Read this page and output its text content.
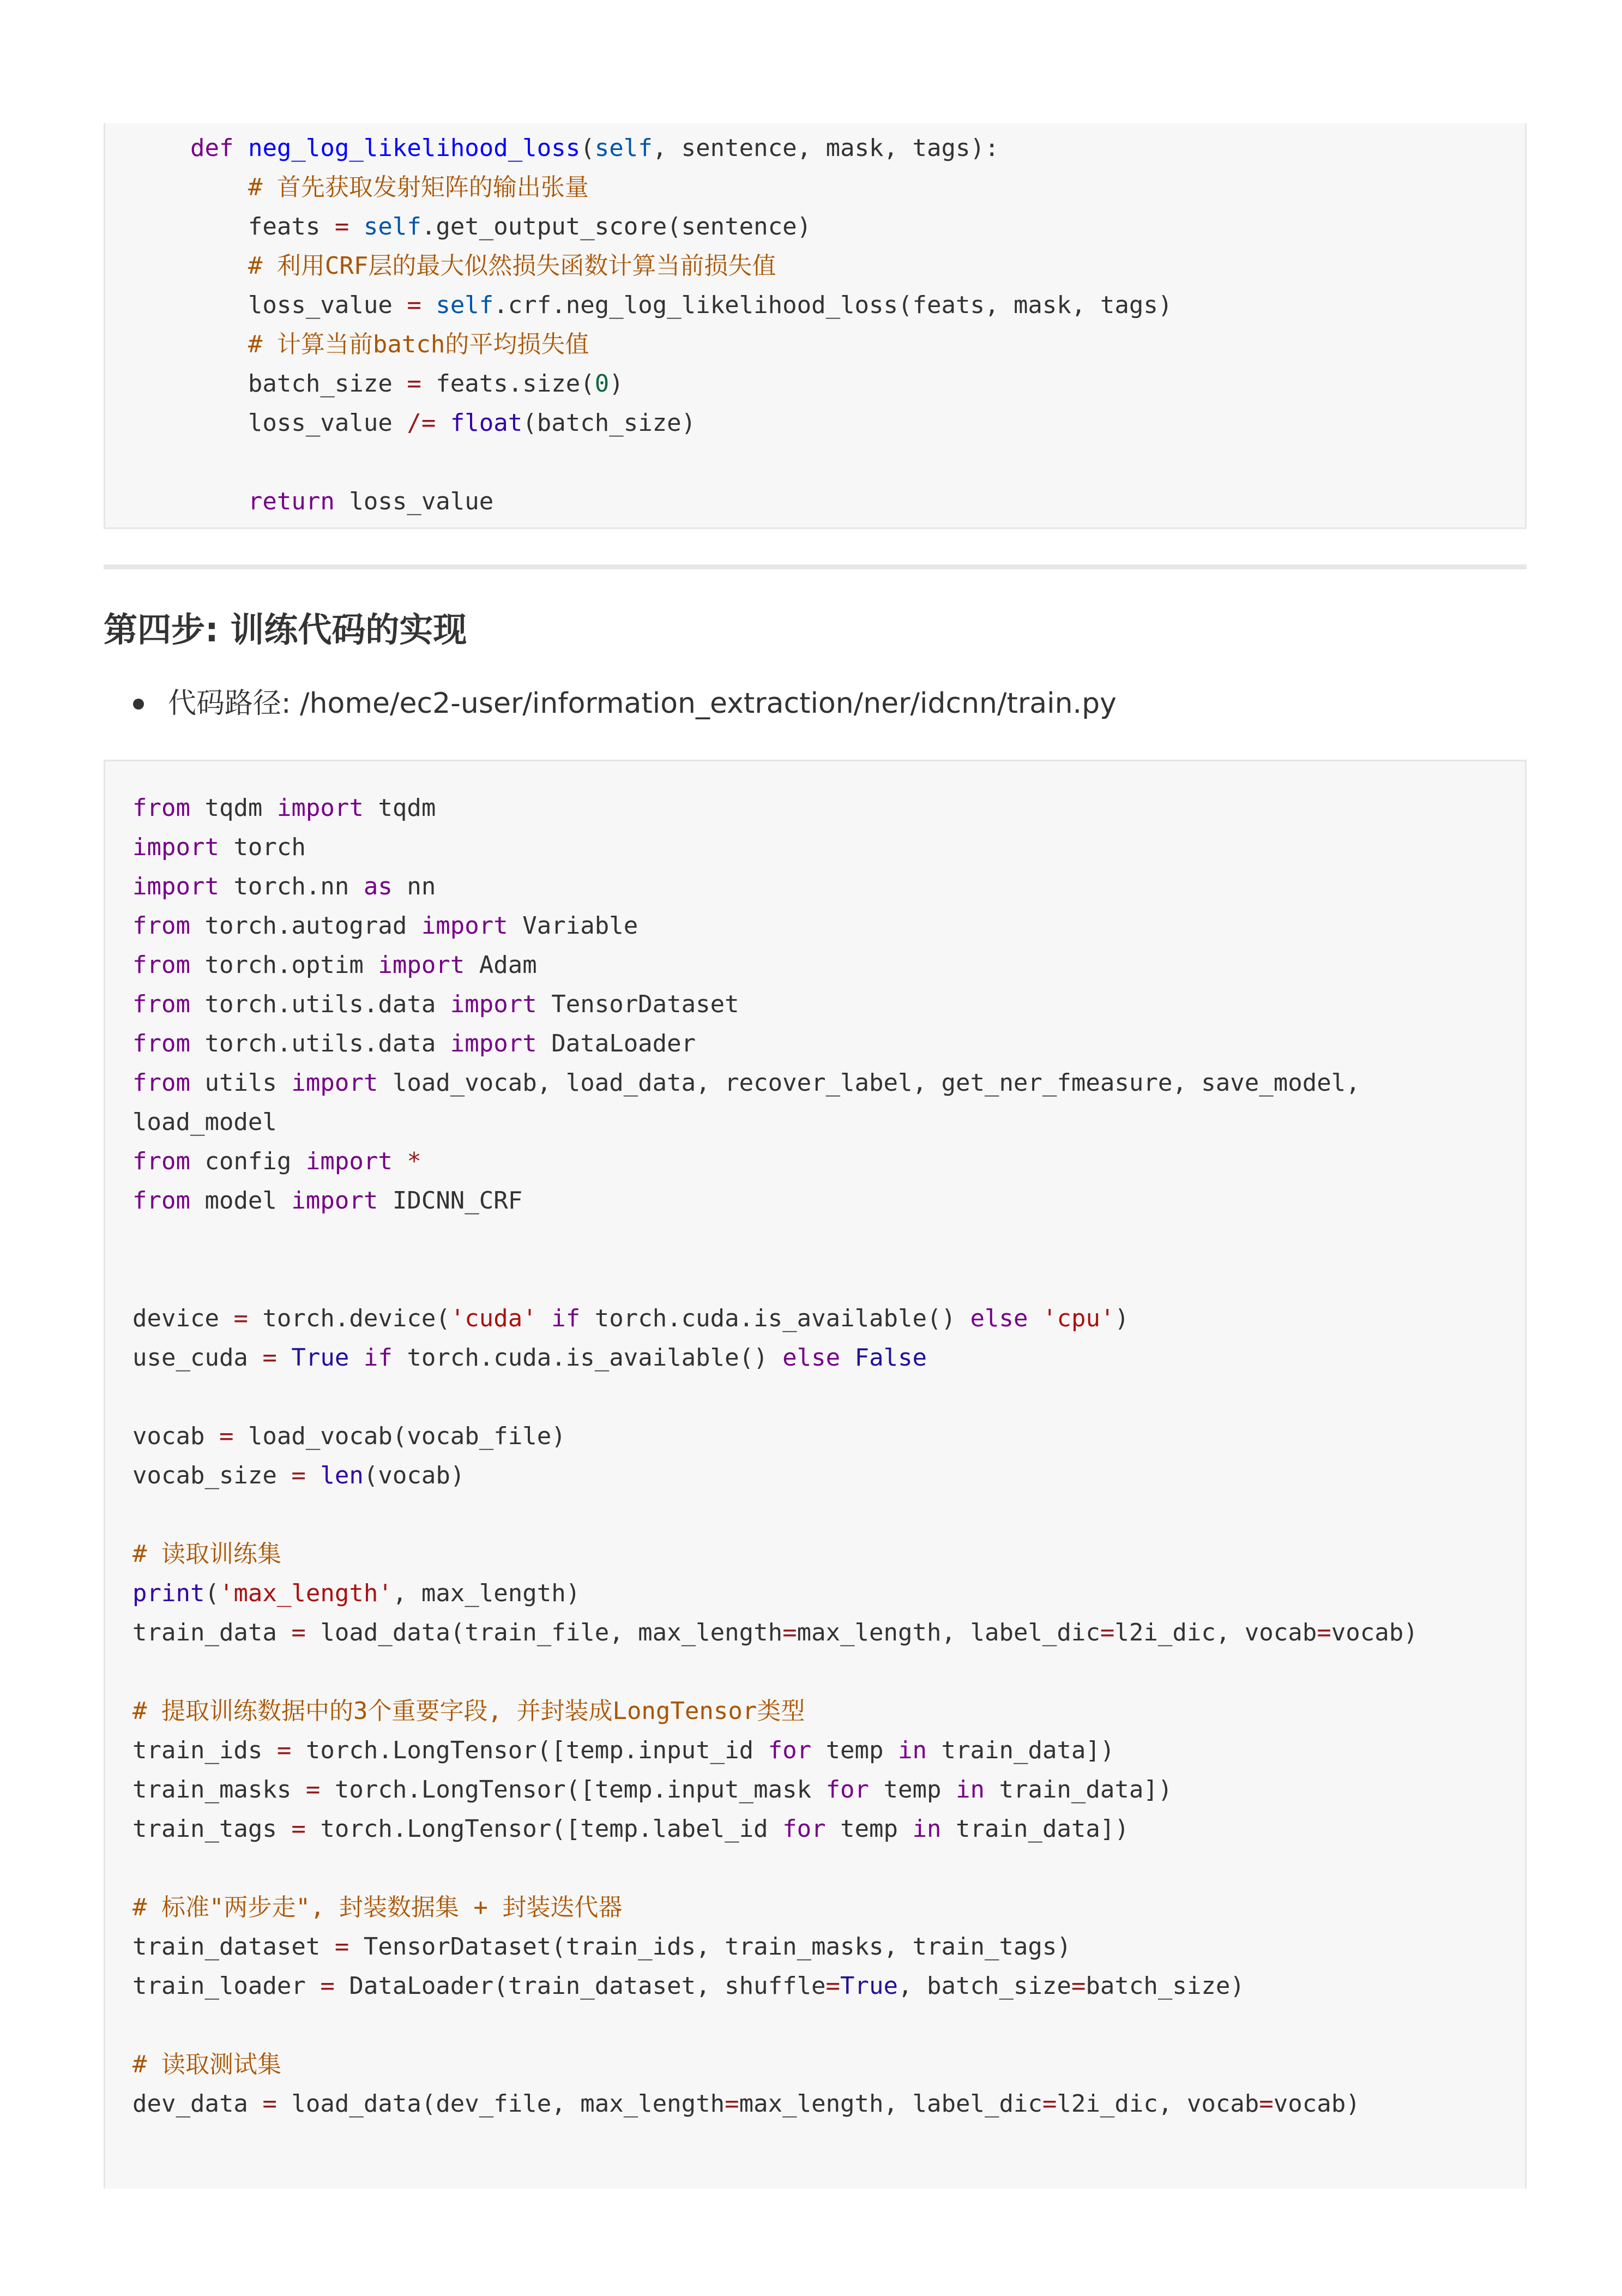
def neg_log_likelihood_loss(self, sentence, mask, tags):
# 首先获取发射矩阵的输出张量
feats = self.get_output_score(sentence)
# 利用CRF层的最大似然损失函数计算当前损失值
loss_value = self.crf.neg_log_likelihood_loss(feats, mask, tags)
# 计算当前batch的平均损失值
batch_size = feats.size(0)
loss_value /= float(batch_size)
return loss_value
第四步: 训练代码的实现
代码路径: /home/ec2-user/information_extraction/ner/idcnn/train.py
from tqdm import tqdm
import torch
import torch.nn as nn
from torch.autograd import Variable
from torch.optim import Adam
from torch.utils.data import TensorDataset
from torch.utils.data import DataLoader
from utils import load_vocab, load_data, recover_label, get_ner_fmeasure, save_model,
load_model
from config import *
from model import IDCNN_CRF
device = torch.device('cuda' if torch.cuda.is_available() else 'cpu')
use_cuda = True if torch.cuda.is_available() else False
vocab = load_vocab(vocab_file)
vocab_size = len(vocab)
# 读取训练集
print('max_length', max_length)
train_data = load_data(train_file, max_length=max_length, label_dic=l2i_dic, vocab=vocab)
# 提取训练数据中的3个重要字段, 并封装成LongTensor类型
train_ids = torch.LongTensor([temp.input_id for temp in train_data])
train_masks = torch.LongTensor([temp.input_mask for temp in train_data])
train_tags = torch.LongTensor([temp.label_id for temp in train_data])
# 标准"两步走", 封装数据集 + 封装迭代器
train_dataset = TensorDataset(train_ids, train_masks, train_tags)
train_loader = DataLoader(train_dataset, shuffle=True, batch_size=batch_size)
# 读取测试集
dev_data = load_data(dev_file, max_length=max_length, label_dic=l2i_dic, vocab=vocab)
